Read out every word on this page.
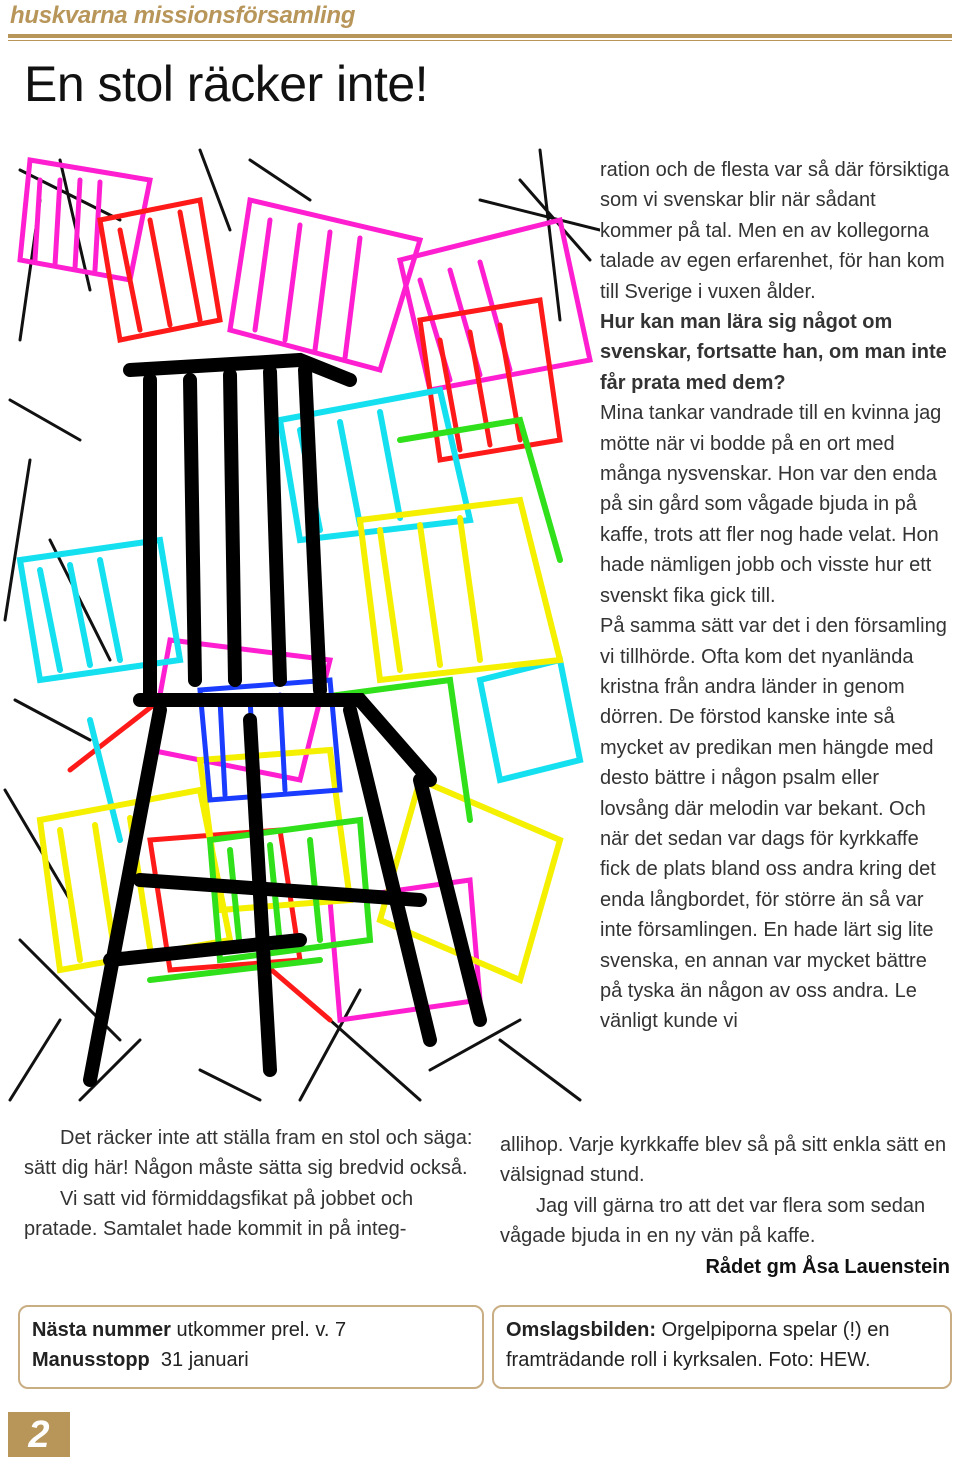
huskvarna missionsförsamling
En stol räcker inte!

ration och de flesta var så där försiktiga som vi svenskar blir när sådant kommer på tal. Men en av kollegorna talade av egen erfarenhet, för han kom till Sverige i vuxen ålder.

Hur kan man lära sig något om svenskar, fortsatte han, om man inte får prata med dem?

Mina tankar vandrade till en kvinna jag mötte när vi bodde på en ort med många nysvenskar. Hon var den enda på sin gård som vågade bjuda in på kaffe, trots att fler nog hade velat. Hon hade nämligen jobb och visste hur ett svenskt fika gick till.

På samma sätt var det i den församling vi tillhörde. Ofta kom det nyanlända kristna från andra länder in genom dörren. De förstod kanske inte så mycket av predikan men hängde med desto bättre i någon psalm eller lovsång där melodin var bekant. Och när det sedan var dags för kyrkkaffe fick de plats bland oss andra kring det enda långbordet, för större än så var inte församlingen. En hade lärt sig lite svenska, en annan var mycket bättre på tyska än någon av oss andra. Le vänligt kunde vi

Det räcker inte att ställa fram en stol och säga: sätt dig här! Någon måste sätta sig bredvid också.

Vi satt vid förmiddagsfikat på jobbet och pratade. Samtalet hade kommit in på integ-

allihop. Varje kyrkkaffe blev så på sitt enkla sätt en välsignad stund.

Jag vill gärna tro att det var flera som sedan vågade bjuda in en ny vän på kaffe.

Rådet gm Åsa Lauenstein

Nästa nummer utkommer prel. v. 7
Manusstopp  31 januari
Omslagsbilden: Orgelpiporna spelar (!) en framträdande roll i kyrksalen. Foto: HEW.
2
